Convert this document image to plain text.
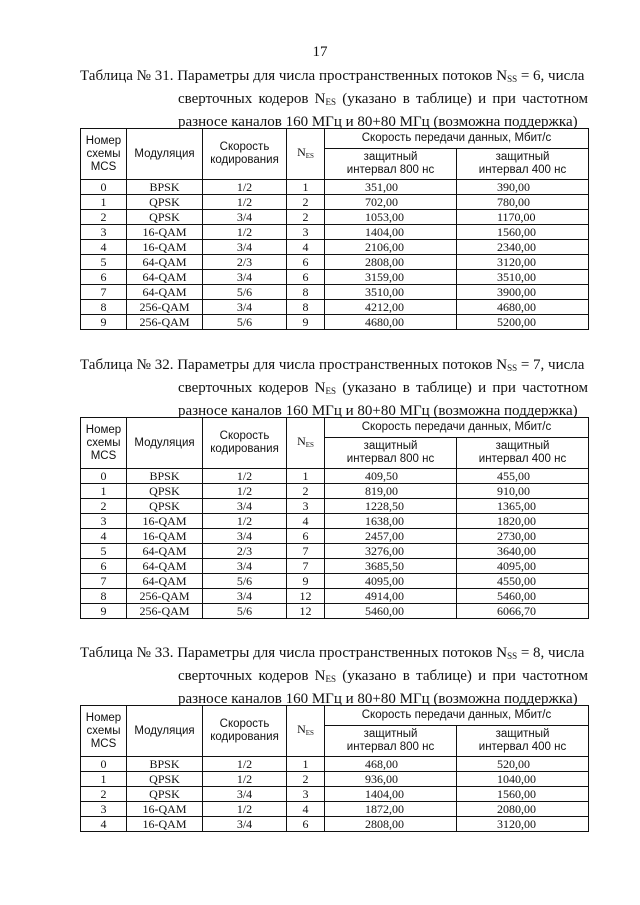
17
Таблица № 31. Параметры для числа пространственных потоков $N_{SS} = 6$, числа
сверточных кодеров $N_{ES}$ (указано в таблице) и при частотном
разносе каналов 160 МГц и 80+80 МГц (возможна поддержка)
Номер схемы MCS	Модуляция	Скорость кодирования	$N_{ES}$	Скорость передачи данных, Мбит/с	
				защитный интервал 800 нс	защитный интервал 400 нс
0	BPSK	1/2	1	351,00	390,00
1	QPSK	1/2	2	702,00	780,00
2	QPSK	3/4	2	1053,00	1170,00
3	16-QAM	1/2	3	1404,00	1560,00
4	16-QAM	3/4	4	2106,00	2340,00
5	64-QAM	2/3	6	2808,00	3120,00
6	64-QAM	3/4	6	3159,00	3510,00
7	64-QAM	5/6	8	3510,00	3900,00
8	256-QAM	3/4	8	4212,00	4680,00
9	256-QAM	5/6	9	4680,00	5200,00
Таблица № 32. Параметры для числа пространственных потоков $N_{SS} = 7$, числа
сверточных кодеров $N_{ES}$ (указано в таблице) и при частотном
разносе каналов 160 МГц и 80+80 МГц (возможна поддержка)
Номер схемы MCS	Модуляция	Скорость кодирования	$N_{ES}$	Скорость передачи данных, Мбит/с	
				защитный интервал 800 нс	защитный интервал 400 нс
0	BPSK	1/2	1	409,50	455,00
1	QPSK	1/2	2	819,00	910,00
2	QPSK	3/4	3	1228,50	1365,00
3	16-QAM	1/2	4	1638,00	1820,00
4	16-QAM	3/4	6	2457,00	2730,00
5	64-QAM	2/3	7	3276,00	3640,00
6	64-QAM	3/4	7	3685,50	4095,00
7	64-QAM	5/6	9	4095,00	4550,00
8	256-QAM	3/4	12	4914,00	5460,00
9	256-QAM	5/6	12	5460,00	6066,70
Таблица № 33. Параметры для числа пространственных потоков $N_{SS} = 8$, числа
сверточных кодеров $N_{ES}$ (указано в таблице) и при частотном
разносе каналов 160 МГц и 80+80 МГц (возможна поддержка)
Номер схемы MCS	Модуляция	Скорость кодирования	$N_{ES}$	Скорость передачи данных, Мбит/с	
				защитный интервал 800 нс	защитный интервал 400 нс
0	BPSK	1/2	1	468,00	520,00
1	QPSK	1/2	2	936,00	1040,00
2	QPSK	3/4	3	1404,00	1560,00
3	16-QAM	1/2	4	1872,00	2080,00
4	16-QAM	3/4	6	2808,00	3120,00
